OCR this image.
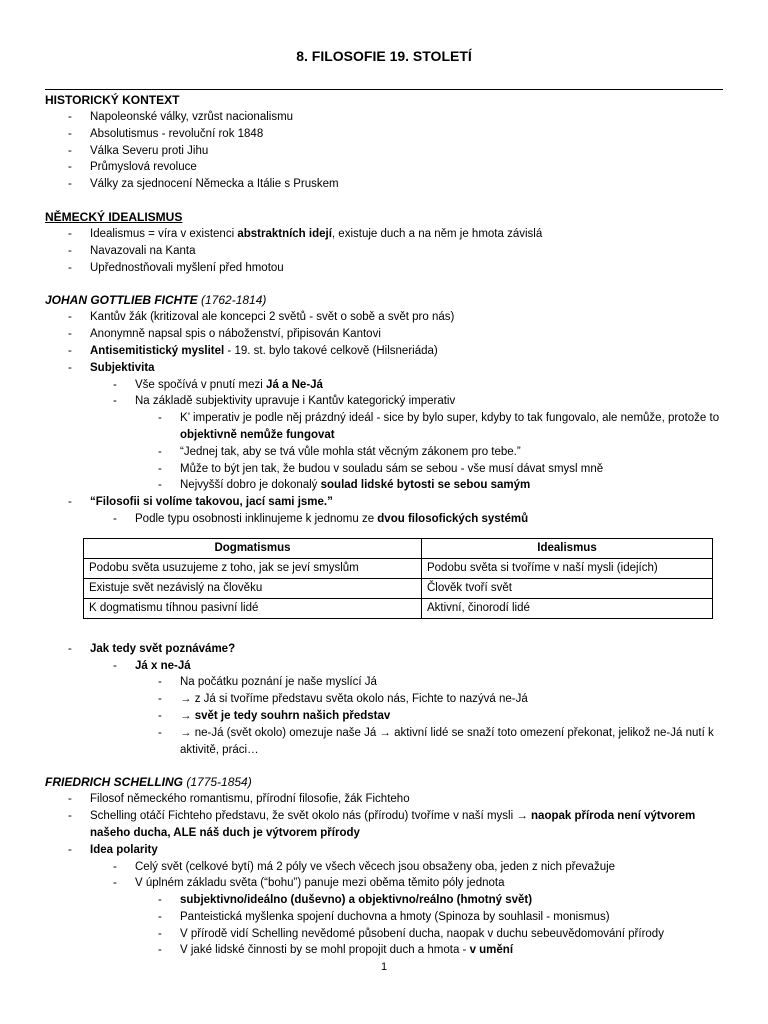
8. FILOSOFIE 19. STOLETÍ
HISTORICKÝ KONTEXT
- Napoleonské války, vzrůst nacionalismu
- Absolutismus - revoluční rok 1848
- Válka Severu proti Jihu
- Průmyslová revoluce
- Války za sjednocení Německa a Itálie s Pruskem
NĚMECKÝ IDEALISMUS
- Idealismus = víra v existenci abstraktních idejí, existuje duch a na něm je hmota závislá
- Navazovali na Kanta
- Upřednostňovali myšlení před hmotou
JOHAN GOTTLIEB FICHTE (1762-1814)
- Kantův žák (kritizoval ale koncepci 2 světů - svět o sobě a svět pro nás)
- Anonymně napsal spis o náboženství, připisován Kantovi
- Antisemitistický myslitel - 19. st. bylo takové celkově (Hilsneriáda)
- Subjektivita
- Vše spočívá v pnutí mezi Já a Ne-Já
- Na základě subjektivity upravuje i Kantův kategorický imperativ
- K’ imperativ je podle něj prázdný ideál - sice by bylo super, kdyby to tak fungovalo, ale nemůže, protože to objektivně nemůže fungovat
- “Jednej tak, aby se tvá vůle mohla stát věcným zákonem pro tebe.”
- Může to být jen tak, že budou v souladu sám se sebou - vše musí dávat smysl mně
- Nejvyšší dobro je dokonalý soulad lidské bytosti se sebou samým
- “Filosofii si volíme takovou, jací sami jsme.”
- Podle typu osobnosti inklinujeme k jednomu ze dvou filosofických systémů
Dogmatismus	Idealismus
Podobu světa usuzujeme z toho, jak se jeví smyslům	Podobu světa si tvoříme v naší mysli (idejích)
Existuje svět nezávislý na člověku	Člověk tvoří svět
K dogmatismu tíhnou pasivní lidé	Aktivní, činorodí lidé
- Jak tedy svět poznáváme?
- Já x ne-Já
- Na počátku poznání je naše myslící Já
- → z Já si tvoříme představu světa okolo nás, Fichte to nazývá ne-Já
- → svět je tedy souhrn našich představ
- → ne-Já (svět okolo) omezuje naše Já → aktivní lidé se snaží toto omezení překonat, jelikož ne-Já nutí k aktivitě, práci…
FRIEDRICH SCHELLING (1775-1854)
- Filosof německého romantismu, přírodní filosofie, žák Fichteho
- Schelling otáčí Fichteho představu, že svět okolo nás (přírodu) tvoříme v naší mysli → naopak příroda není výtvorem našeho ducha, ALE náš duch je výtvorem přírody
- Idea polarity
- Celý svět (celkové bytí) má 2 póly ve všech věcech jsou obsaženy oba, jeden z nich převažuje
- V úplném základu světa (“bohu”) panuje mezi oběma těmito póly jednota
- subjektivno/ideálno (duševno) a objektivno/reálno (hmotný svět)
- Panteistická myšlenka spojení duchovna a hmoty (Spinoza by souhlasil - monismus)
- V přírodě vidí Schelling nevědomé působení ducha, naopak v duchu sebeuvědomování přírody
- V jaké lidské činnosti by se mohl propojit duch a hmota - v umění
1
